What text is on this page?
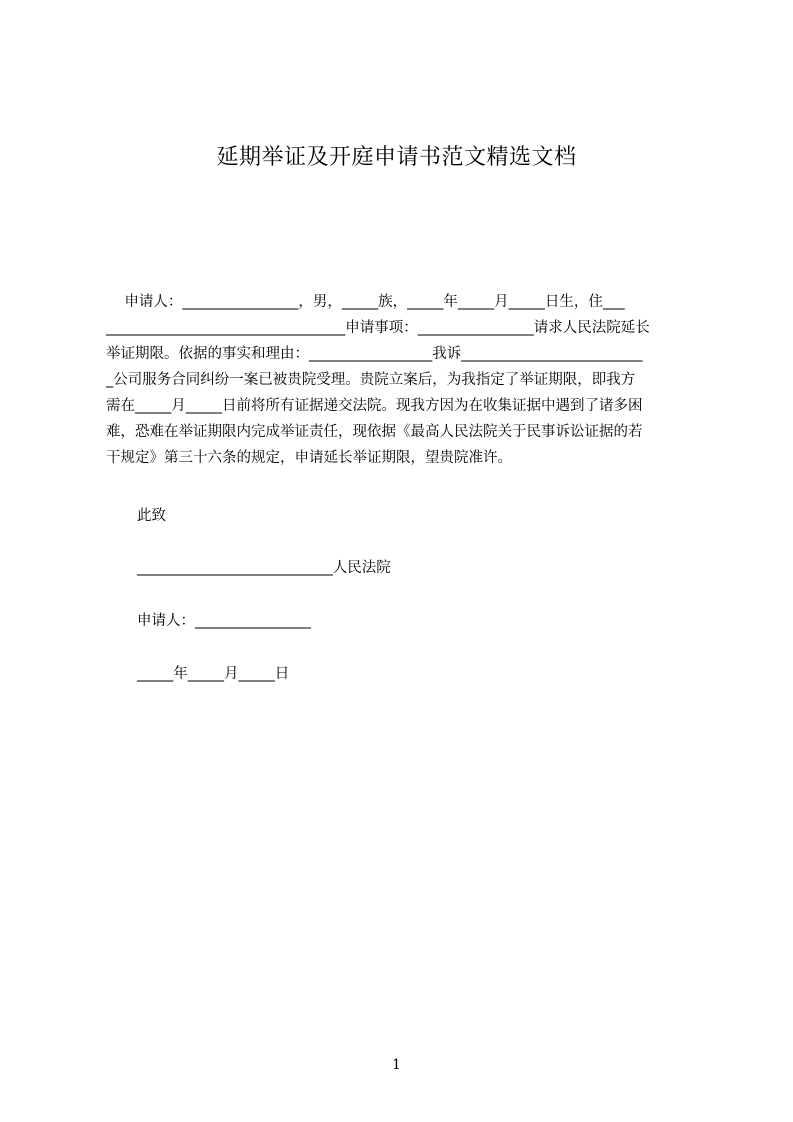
延期举证及开庭申请书范文精选文档
申请人：________________，男，_____族，_____年_____月_____日生，住___
_________________________________申请事项：________________请求人民法院延长
举证期限。依据的事实和理由：_________________我诉_________________________
_公司服务合同纠纷一案已被贵院受理。贵院立案后，为我指定了举证期限，即我方
需在_____月_____日前将所有证据递交法院。现我方因为在收集证据中遇到了诸多困
难，恐难在举证期限内完成举证责任，现依据《最高人民法院关于民事诉讼证据的若
干规定》第三十六条的规定，申请延长举证期限，望贵院准许。
此致
___________________________人民法院
申请人：________________
_____年_____月_____日
1
